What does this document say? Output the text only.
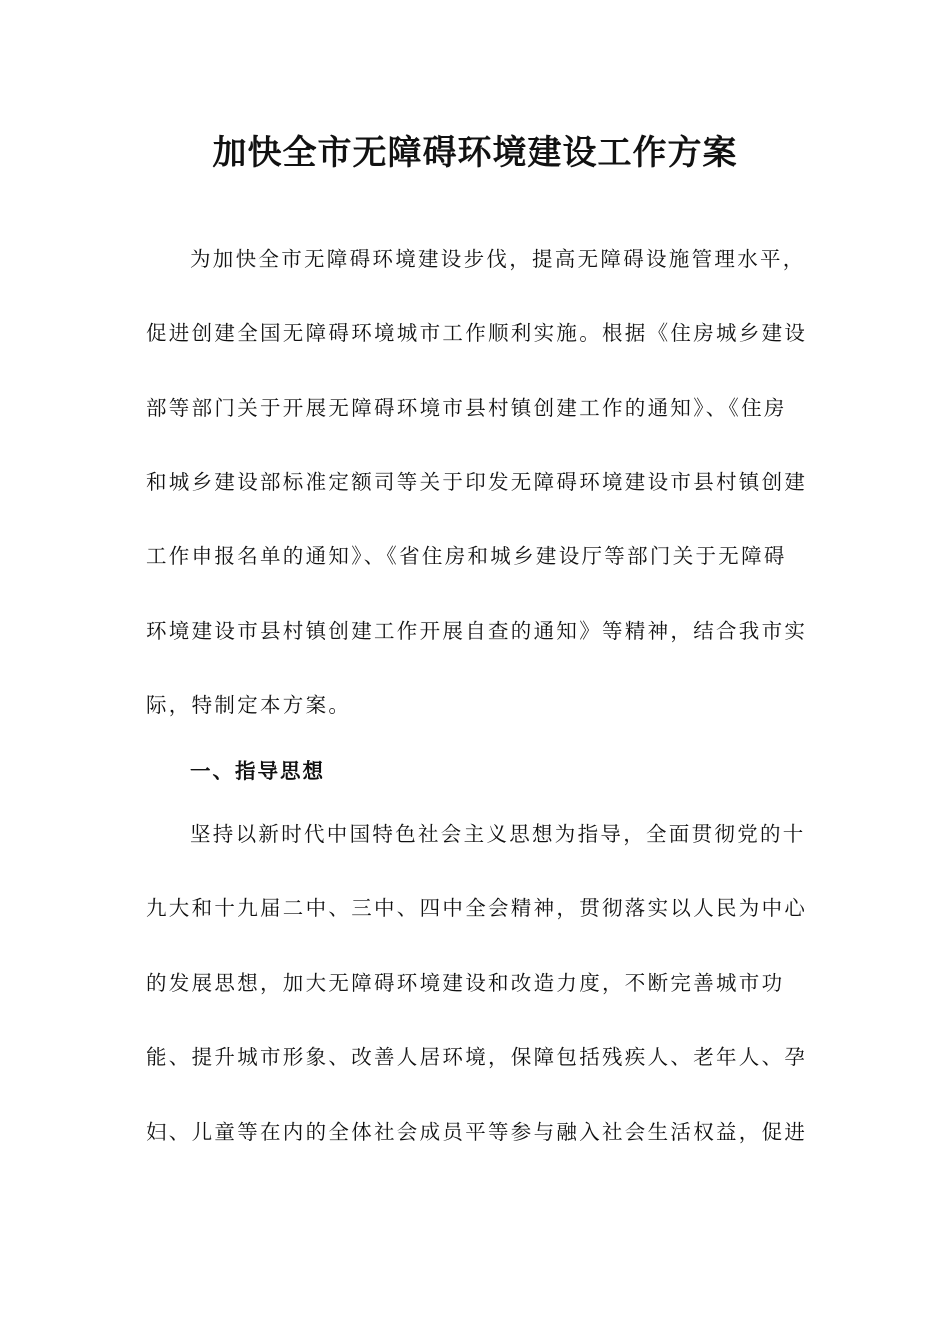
加快全市无障碍环境建设工作方案
为加快全市无障碍环境建设步伐，提高无障碍设施管理水平，
促进创建全国无障碍环境城市工作顺利实施。根据《住房城乡建设
部等部门关于开展无障碍环境市县村镇创建工作的通知》、《住房
和城乡建设部标准定额司等关于印发无障碍环境建设市县村镇创建
工作申报名单的通知》、《省住房和城乡建设厅等部门关于无障碍
环境建设市县村镇创建工作开展自查的通知》等精神，结合我市实
际，特制定本方案。
一、指导思想
坚持以新时代中国特色社会主义思想为指导，全面贯彻党的十
九大和十九届二中、三中、四中全会精神，贯彻落实以人民为中心
的发展思想，加大无障碍环境建设和改造力度，不断完善城市功
能、提升城市形象、改善人居环境，保障包括残疾人、老年人、孕
妇、儿童等在内的全体社会成员平等参与融入社会生活权益，促进
